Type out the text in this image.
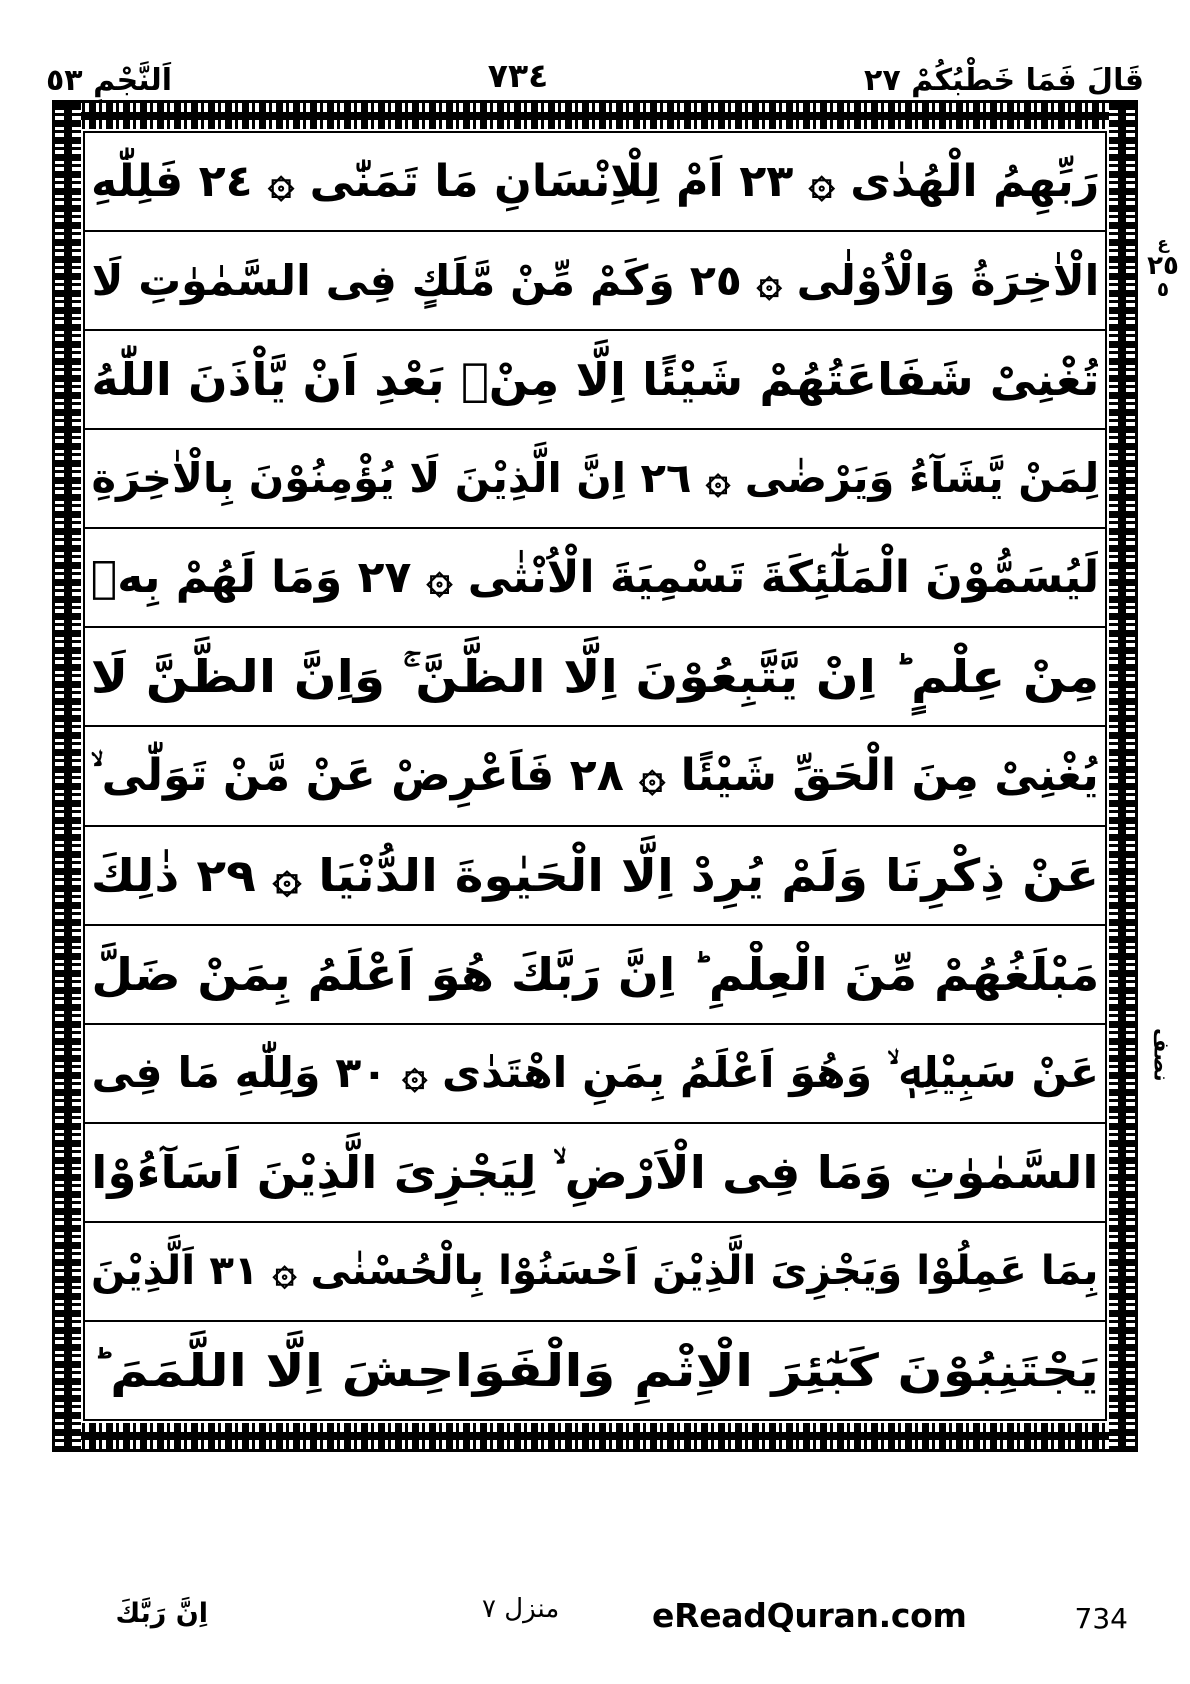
قَالَ فَمَا خَطْبُكُمْ ٢٧
٧٣٤
اَلنَّجْمِ ٥٣
رَبِّهِمُ الْهُدٰى ۞ ٢٣ اَمْ لِلْاِنْسَانِ مَا تَمَنّٰى ۞ ٢٤ فَلِلّٰهِ
الْاٰخِرَةُ وَالْاُوْلٰى ۞ ٢٥ وَكَمْ مِّنْ مَّلَكٍ فِى السَّمٰوٰتِ لَا
تُغْنِىْ شَفَاعَتُهُمْ شَيْئًا اِلَّا مِنْۢ بَعْدِ اَنْ يَّاْذَنَ اللّٰهُ
لِمَنْ يَّشَآءُ وَيَرْضٰى ۞ ٢٦ اِنَّ الَّذِيْنَ لَا يُؤْمِنُوْنَ بِالْاٰخِرَةِ
لَيُسَمُّوْنَ الْمَلٰٓئِكَةَ تَسْمِيَةَ الْاُنْثٰى ۞ ٢٧ وَمَا لَهُمْ بِهٖ
مِنْ عِلْمٍ ؕ اِنْ يَّتَّبِعُوْنَ اِلَّا الظَّنَّ ۚ وَاِنَّ الظَّنَّ لَا
يُغْنِىْ مِنَ الْحَقِّ شَيْئًا ۞ ٢٨ فَاَعْرِضْ عَنْ مَّنْ تَوَلّٰى ۙ
عَنْ ذِكْرِنَا وَلَمْ يُرِدْ اِلَّا الْحَيٰوةَ الدُّنْيَا ۞ ٢٩ ذٰلِكَ
مَبْلَغُهُمْ مِّنَ الْعِلْمِ ؕ اِنَّ رَبَّكَ هُوَ اَعْلَمُ بِمَنْ ضَلَّ
عَنْ سَبِيْلِهٖ ۙ وَهُوَ اَعْلَمُ بِمَنِ اهْتَدٰى ۞ ٣٠ وَلِلّٰهِ مَا فِى
السَّمٰوٰتِ وَمَا فِى الْاَرْضِ ۙ لِيَجْزِىَ الَّذِيْنَ اَسَآءُوْا
بِمَا عَمِلُوْا وَيَجْزِىَ الَّذِيْنَ اَحْسَنُوْا بِالْحُسْنٰى ۞ ٣١ اَلَّذِيْنَ
يَجْتَنِبُوْنَ كَبٰٓئِرَ الْاِثْمِ وَالْفَوَاحِشَ اِلَّا اللَّمَمَ ؕ
ع
٢٥
٥
نصف
اِنَّ رَبَّكَ	منزل ٧	eReadQuran.com	734
